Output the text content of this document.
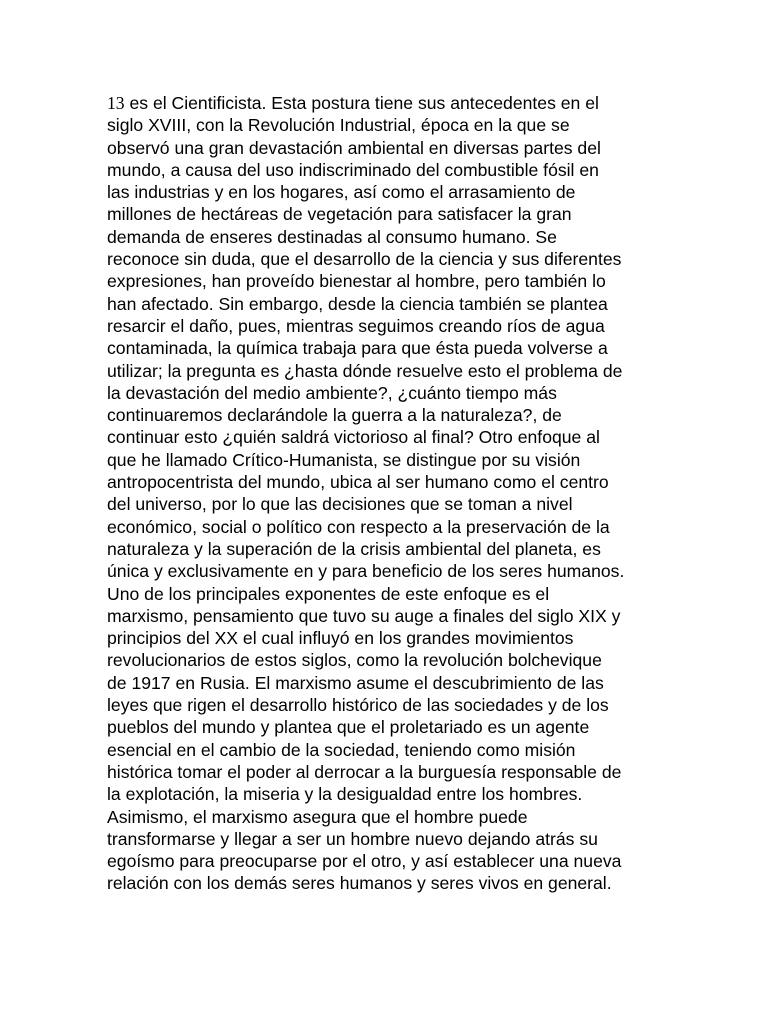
13 es el Cientificista. Esta postura tiene sus antecedentes en el
siglo XVIII, con la Revolución Industrial, época en la que se
observó una gran devastación ambiental en diversas partes del
mundo, a causa del uso indiscriminado del combustible fósil en
las industrias y en los hogares, así como el arrasamiento de
millones de hectáreas de vegetación para satisfacer la gran
demanda de enseres destinadas al consumo humano. Se
reconoce sin duda, que el desarrollo de la ciencia y sus diferentes
expresiones, han proveído bienestar al hombre, pero también lo
han afectado. Sin embargo, desde la ciencia también se plantea
resarcir el daño, pues, mientras seguimos creando ríos de agua
contaminada, la química trabaja para que ésta pueda volverse a
utilizar; la pregunta es ¿hasta dónde resuelve esto el problema de
la devastación del medio ambiente?, ¿cuánto tiempo más
continuaremos declarándole la guerra a la naturaleza?, de
continuar esto ¿quién saldrá victorioso al final? Otro enfoque al
que he llamado Crítico-Humanista, se distingue por su visión
antropocentrista del mundo, ubica al ser humano como el centro
del universo, por lo que las decisiones que se toman a nivel
económico, social o político con respecto a la preservación de la
naturaleza y la superación de la crisis ambiental del planeta, es
única y exclusivamente en y para beneficio de los seres humanos.
Uno de los principales exponentes de este enfoque es el
marxismo, pensamiento que tuvo su auge a finales del siglo XIX y
principios del XX el cual influyó en los grandes movimientos
revolucionarios de estos siglos, como la revolución bolchevique
de 1917 en Rusia. El marxismo asume el descubrimiento de las
leyes que rigen el desarrollo histórico de las sociedades y de los
pueblos del mundo y plantea que el proletariado es un agente
esencial en el cambio de la sociedad, teniendo como misión
histórica tomar el poder al derrocar a la burguesía responsable de
la explotación, la miseria y la desigualdad entre los hombres.
Asimismo, el marxismo asegura que el hombre puede
transformarse y llegar a ser un hombre nuevo dejando atrás su
egoísmo para preocuparse por el otro, y así establecer una nueva
relación con los demás seres humanos y seres vivos en general.
